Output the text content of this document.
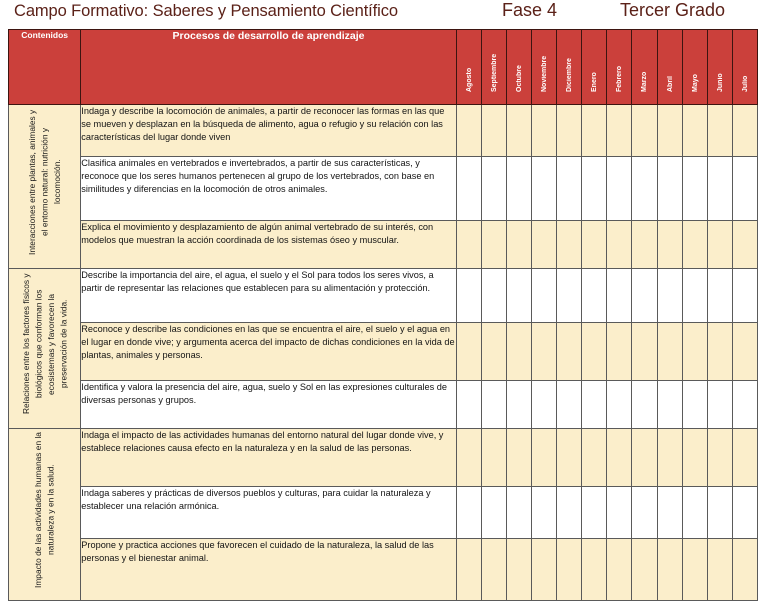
Campo Formativo: Saberes y Pensamiento Científico	Fase 4	Tercer Grado
Contenidos	Procesos de desarrollo de aprendizaje	Agosto	Septiembre	Octubre	Noviembre	Diciembre	Enero	Febrero	Marzo	Abril	Mayo	Junio	Julio

Interacciones entre plantas, animales y el entorno natural: nutrición y locomoción.	Indaga y describe la locomoción de animales, a partir de reconocer las formas en las que se mueven y desplazan en la búsqueda de alimento, agua o refugio y su relación con las características del lugar donde viven												
	Clasifica animales en vertebrados e invertebrados, a partir de sus características, y reconoce que los seres humanos pertenecen al grupo de los vertebrados, con base en similitudes y diferencias en la locomoción de otros animales.												
	Explica el movimiento y desplazamiento de algún animal vertebrado de su interés, con modelos que muestran la acción coordinada de los sistemas óseo y muscular.												
Relaciones entre los factores físicos y biológicos que conforman los ecosistemas y favorecen la preservación de la vida.	Describe la importancia del aire, el agua, el suelo y el Sol para todos los seres vivos, a partir de representar las relaciones que establecen para su alimentación y protección.												
	Reconoce y describe las condiciones en las que se encuentra el aire, el suelo y el agua en el lugar en donde vive; y argumenta acerca del impacto de dichas condiciones en la vida de plantas, animales y personas.												
	Identifica y valora la presencia del aire, agua, suelo y Sol en las expresiones culturales de diversas personas y grupos.												
Impacto de las actividades humanas en la naturaleza y en la salud.	Indaga el impacto de las actividades humanas del entorno natural del lugar donde vive, y establece relaciones causa efecto en la naturaleza y en la salud de las personas.												
	Indaga saberes y prácticas de diversos pueblos y culturas, para cuidar la naturaleza y establecer una relación armónica.												
	Propone y practica acciones que favorecen el cuidado de la naturaleza, la salud de las personas y el bienestar animal.												
